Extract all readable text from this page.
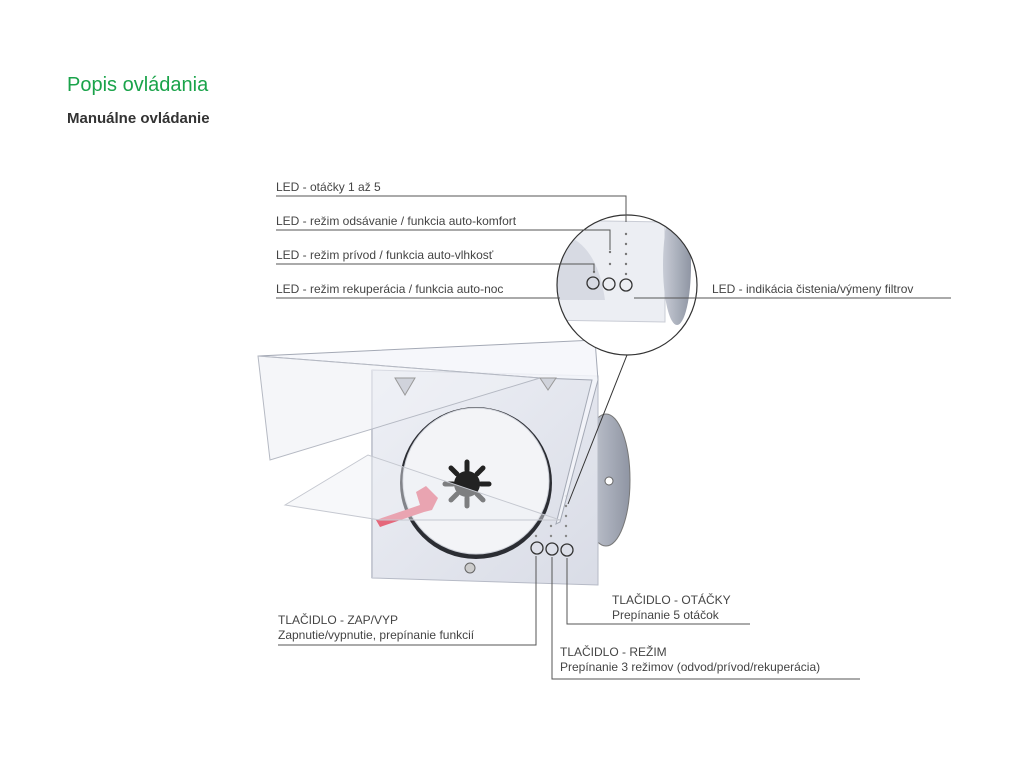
Popis ovládania
Manuálne ovládanie
LED - otáčky 1 až 5
LED - režim odsávanie / funkcia auto-komfort
LED - režim prívod / funkcia auto-vlhkosť
LED - režim rekuperácia / funkcia auto-noc	LED - indikácia čistenia/výmeny filtrov
TLAČIDLO - ZAP/VYP
Zapnutie/vypnutie, prepínanie funkcií
TLAČIDLO - OTÁČKY
Prepínanie 5 otáčok
TLAČIDLO - REŽIM
Prepínanie 3 režimov (odvod/prívod/rekuperácia)
